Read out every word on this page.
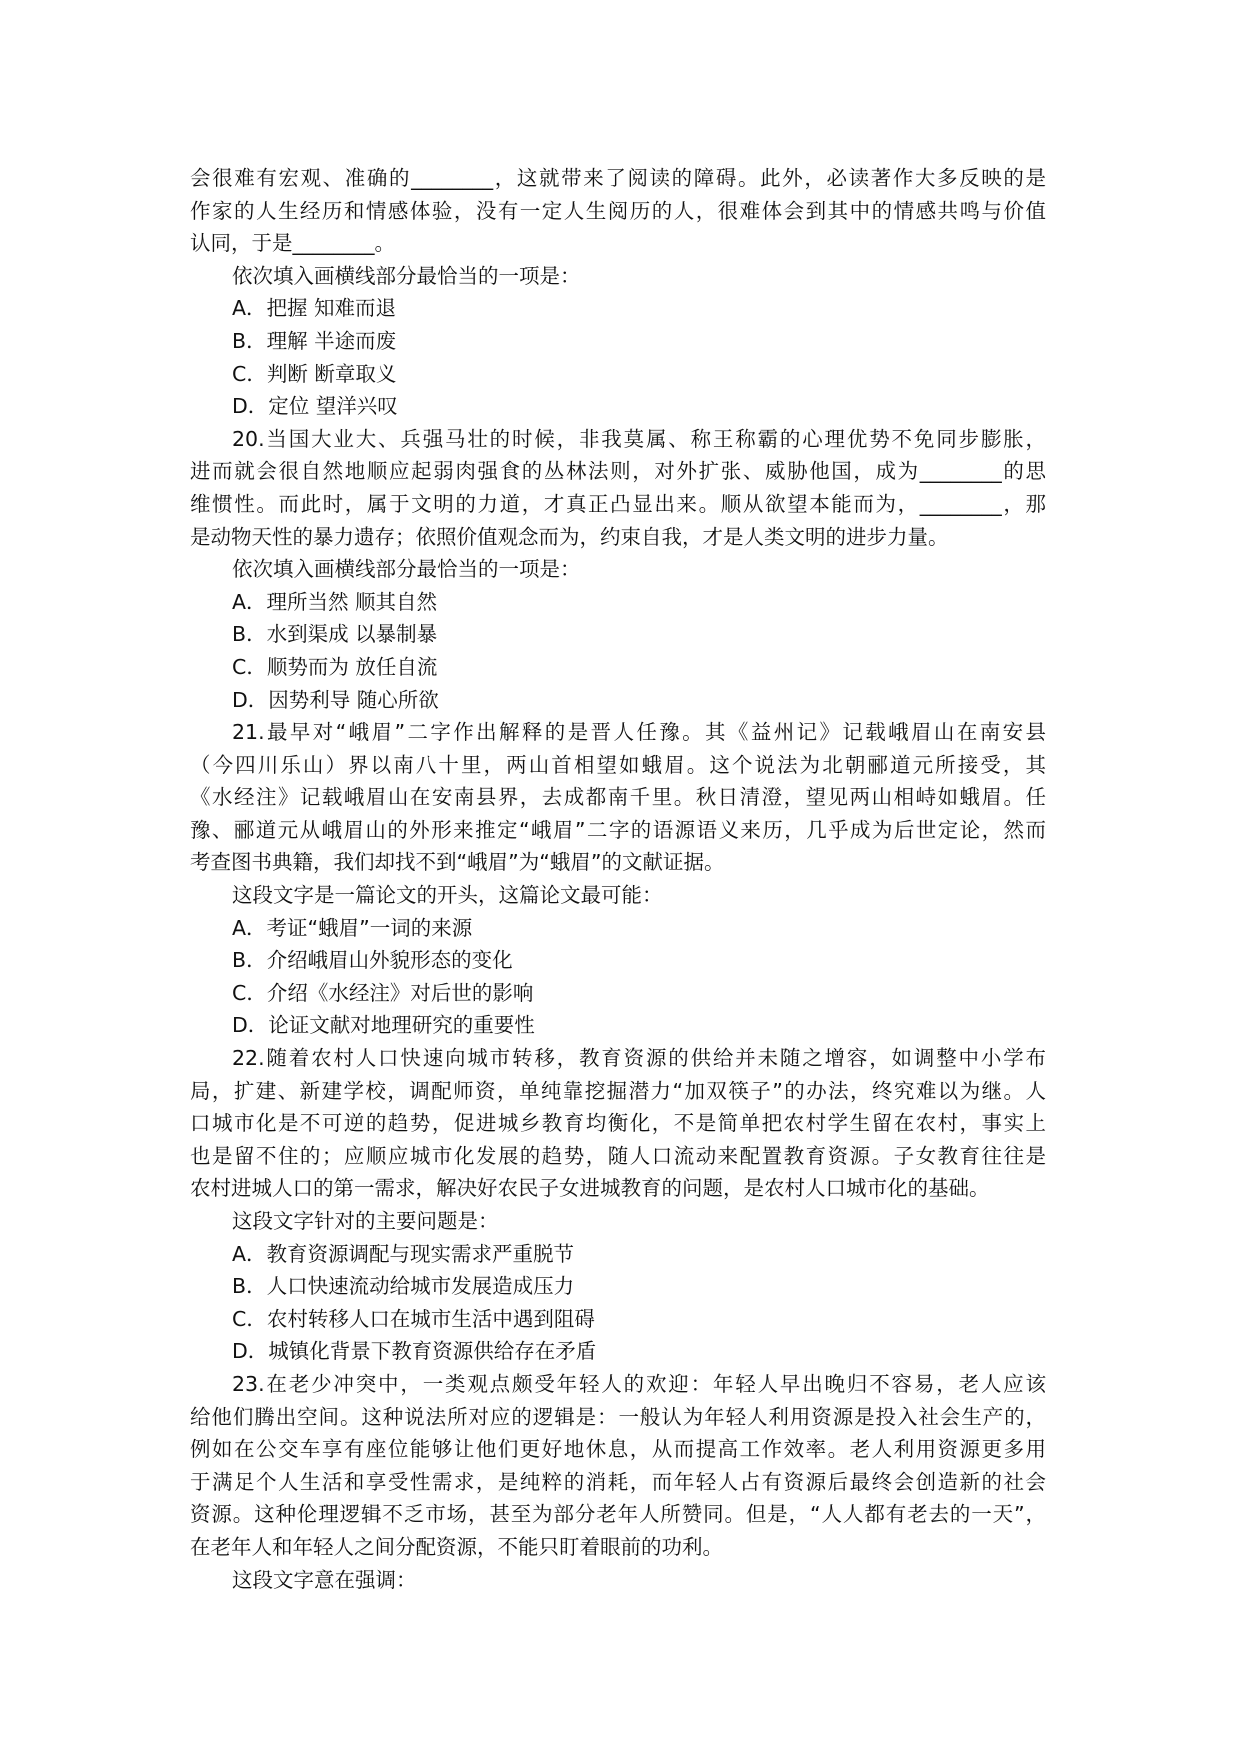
会很难有宏观、准确的________，这就带来了阅读的障碍。此外，必读著作大多反映的是
作家的人生经历和情感体验，没有一定人生阅历的人，很难体会到其中的情感共鸣与价值
认同，于是________。
依次填入画横线部分最恰当的一项是：
A．把握 知难而退
B．理解 半途而废
C．判断 断章取义
D．定位 望洋兴叹
20.当国大业大、兵强马壮的时候，非我莫属、称王称霸的心理优势不免同步膨胀，
进而就会很自然地顺应起弱肉强食的丛林法则，对外扩张、威胁他国，成为________的思
维惯性。而此时，属于文明的力道，才真正凸显出来。顺从欲望本能而为，________，那
是动物天性的暴力遗存；依照价值观念而为，约束自我，才是人类文明的进步力量。
依次填入画横线部分最恰当的一项是：
A．理所当然 顺其自然
B．水到渠成 以暴制暴
C．顺势而为 放任自流
D．因势利导 随心所欲
21.最早对“峨眉”二字作出解释的是晋人任豫。其《益州记》记载峨眉山在南安县
（今四川乐山）界以南八十里，两山首相望如蛾眉。这个说法为北朝郦道元所接受，其
《水经注》记载峨眉山在安南县界，去成都南千里。秋日清澄，望见两山相峙如蛾眉。任
豫、郦道元从峨眉山的外形来推定“峨眉”二字的语源语义来历，几乎成为后世定论，然而
考查图书典籍，我们却找不到“峨眉”为“蛾眉”的文献证据。
这段文字是一篇论文的开头，这篇论文最可能：
A．考证“蛾眉”一词的来源
B．介绍峨眉山外貌形态的变化
C．介绍《水经注》对后世的影响
D．论证文献对地理研究的重要性
22.随着农村人口快速向城市转移，教育资源的供给并未随之增容，如调整中小学布
局，扩建、新建学校，调配师资，单纯靠挖掘潜力“加双筷子”的办法，终究难以为继。人
口城市化是不可逆的趋势，促进城乡教育均衡化，不是简单把农村学生留在农村，事实上
也是留不住的；应顺应城市化发展的趋势，随人口流动来配置教育资源。子女教育往往是
农村进城人口的第一需求，解决好农民子女进城教育的问题，是农村人口城市化的基础。
这段文字针对的主要问题是：
A．教育资源调配与现实需求严重脱节
B．人口快速流动给城市发展造成压力
C．农村转移人口在城市生活中遇到阻碍
D．城镇化背景下教育资源供给存在矛盾
23.在老少冲突中，一类观点颇受年轻人的欢迎：年轻人早出晚归不容易，老人应该
给他们腾出空间。这种说法所对应的逻辑是：一般认为年轻人利用资源是投入社会生产的，
例如在公交车享有座位能够让他们更好地休息，从而提高工作效率。老人利用资源更多用
于满足个人生活和享受性需求，是纯粹的消耗，而年轻人占有资源后最终会创造新的社会
资源。这种伦理逻辑不乏市场，甚至为部分老年人所赞同。但是，“人人都有老去的一天”，
在老年人和年轻人之间分配资源，不能只盯着眼前的功利。
这段文字意在强调：
